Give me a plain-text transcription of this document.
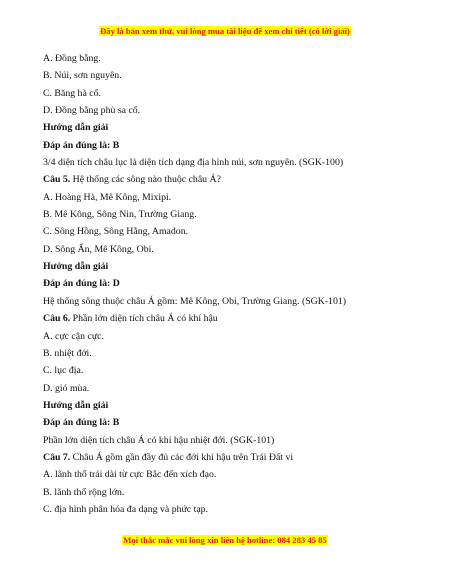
Đây là bản xem thử, vui lòng mua tài liệu để xem chi tiết (có lời giải)
A. Đồng bằng.
B. Núi, sơn nguyên.
C. Băng hà cổ.
D. Đồng bằng phù sa cổ.
Hướng dẫn giải
Đáp án đúng là: B
3/4 diện tích châu lục là diện tích dạng địa hình núi, sơn nguyên. (SGK-100)
Câu 5. Hệ thống các sông nào thuộc châu Á?
A. Hoàng Hà, Mê Kông, Mixipi.
B. Mê Kông, Sông Nin, Trường Giang.
C. Sông Hồng, Sông Hằng, Amadon.
D. Sông Ấn, Mê Kông, Obi.
Hướng dẫn giải
Đáp án đúng là: D
Hệ thống sông thuộc châu Á gồm: Mê Kông, Obi, Trường Giang. (SGK-101)
Câu 6. Phần lớn diện tích châu Á có khí hậu
A. cực cận cực.
B. nhiệt đới.
C. lục địa.
D. gió mùa.
Hướng dẫn giải
Đáp án đúng là: B
Phần lớn diện tích châu Á có khí hậu nhiệt đới. (SGK-101)
Câu 7. Châu Á gồm gần đầy đủ các đới khí hậu trên Trái Đất vì
A. lãnh thổ trải dài từ cực Bắc đến xích đạo.
B. lãnh thổ rộng lớn.
C. địa hình phân hóa đa dạng và phức tạp.
Mọi thắc mắc vui lòng xin liên hệ hotline: 084 283 45 85
